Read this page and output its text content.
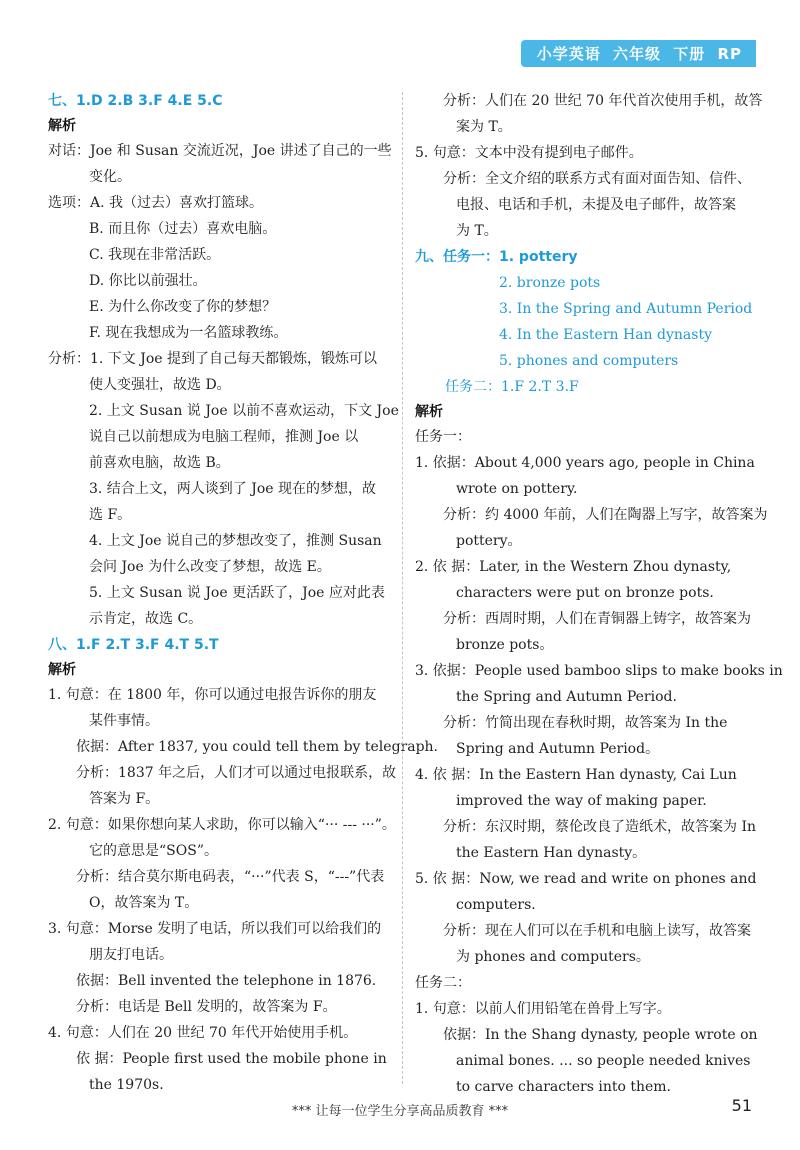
小学英语 六年级 下册 RP
七、1.D 2.B 3.F 4.E 5.C
解析
对话：Joe 和 Susan 交流近况，Joe 讲述了自己的一些
变化。
选项：A. 我（过去）喜欢打篮球。
B. 而且你（过去）喜欢电脑。
C. 我现在非常活跃。
D. 你比以前强壮。
E. 为什么你改变了你的梦想？
F. 现在我想成为一名篮球教练。
分析：1. 下文 Joe 提到了自己每天都锻炼，锻炼可以
使人变强壮，故选 D。
2. 上文 Susan 说 Joe 以前不喜欢运动，下文 Joe
说自己以前想成为电脑工程师，推测 Joe 以
前喜欢电脑，故选 B。
3. 结合上文，两人谈到了 Joe 现在的梦想，故
选 F。
4. 上文 Joe 说自己的梦想改变了，推测 Susan
会问 Joe 为什么改变了梦想，故选 E。
5. 上文 Susan 说 Joe 更活跃了，Joe 应对此表
示肯定，故选 C。
八、1.F 2.T 3.F 4.T 5.T
解析
1. 句意：在 1800 年，你可以通过电报告诉你的朋友
某件事情。
依据：After 1837, you could tell them by telegraph.
分析：1837 年之后，人们才可以通过电报联系，故
答案为 F。
2. 句意：如果你想向某人求助，你可以输入“··· --- ···”。
它的意思是“SOS”。
分析：结合莫尔斯电码表，“···”代表 S，“---”代表
O，故答案为 T。
3. 句意：Morse 发明了电话，所以我们可以给我们的
朋友打电话。
依据：Bell invented the telephone in 1876.
分析：电话是 Bell 发明的，故答案为 F。
4. 句意：人们在 20 世纪 70 年代开始使用手机。
依 据：People first used the mobile phone in
the 1970s.
分析：人们在 20 世纪 70 年代首次使用手机，故答
案为 T。
5. 句意：文本中没有提到电子邮件。
分析：全文介绍的联系方式有面对面告知、信件、
电报、电话和手机，未提及电子邮件，故答案
为 T。
九、任务一：1. pottery
2. bronze pots
3. In the Spring and Autumn Period
4. In the Eastern Han dynasty
5. phones and computers
任务二：1.F 2.T 3.F
解析
任务一：
1. 依据：About 4,000 years ago, people in China
wrote on pottery.
分析：约 4000 年前，人们在陶器上写字，故答案为
pottery。
2. 依 据：Later, in the Western Zhou dynasty,
characters were put on bronze pots.
分析：西周时期，人们在青铜器上铸字，故答案为
bronze pots。
3. 依据：People used bamboo slips to make books in
the Spring and Autumn Period.
分析：竹简出现在春秋时期，故答案为 In the
Spring and Autumn Period。
4. 依 据：In the Eastern Han dynasty, Cai Lun
improved the way of making paper.
分析：东汉时期，蔡伦改良了造纸术，故答案为 In
the Eastern Han dynasty。
5. 依 据：Now, we read and write on phones and
computers.
分析：现在人们可以在手机和电脑上读写，故答案
为 phones and computers。
任务二：
1. 句意：以前人们用铅笔在兽骨上写字。
依据：In the Shang dynasty, people wrote on
animal bones. ... so people needed knives
to carve characters into them.
*** 让每一位学生分享高品质教育 ***	51
